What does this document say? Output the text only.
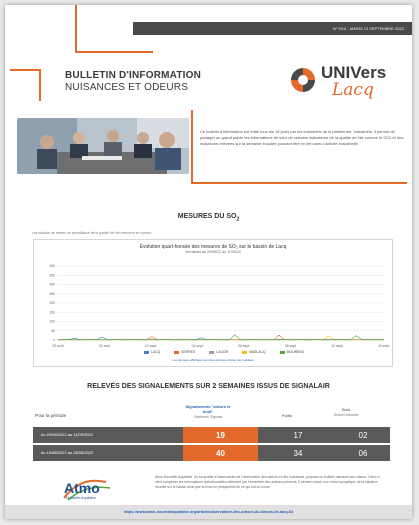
N° 0XX - MARDI 13 SEPTEMBRE 2022
BULLETIN D'INFORMATION
NUISANCES ET ODEURS
UNIVers
Lacq
Ce bulletin d'information est édité tous les 15 jours par les industriels de la plateforme. Industriels, il permet de partager au grand public les informations de suivi de certains indicateurs de la qualité de l'air comme le SO2 et des nuisances relevées sur la semaine écoulée pouvant être en lien avec l'activité industrielle.
MESURES DU $SO_2$
Les stations de réseau de surveillance de la qualité de l'air mesurent en continu
Évolution quart-horaire des mesures de SO₂ sur le bassin de Lacq
Semaines du 29/08/22 au 11/09/22
0
50
100
150
200
250
300
350
400
29 août	31 août	02 sept.	04 sept.	06 sept.	08 sept.	10 sept.	12 sept.
LACQ	SERRES	LAGOR	MASLACQ	MOURENX
Les données affichées sont des données brutes non validées
RELEVÉS DES SIGNALEMENTS SUR 2 SEMAINES ISSUS DE SIGNALAIR
Pour la période
Signalements "odeurs et bruit"
Plateforme Signalair	Public
Bruit
Décibel industriel
du 29/08/2022 au 11/09/2022	19	17	02
du 15/08/2022 au 28/08/2022	40	34	06
Atmo
Nouvelle-Aquitaine
Atmo Nouvelle-Aquitaine, en sa qualité d'observatoire de l'observation des odeurs et des nuisances, propose un bulletin mensuel des odeurs. Celui-ci vient compléter les informations opérationnelles délivrées par l'ensemble des acteurs présents. Il permet d'avoir une vision synoptique de la situation récente sur le bassin ainsi que la mise en perspective de ce qui est en cours.
https://www.atmo-nouvelleaquitaine.org/article/observatoire-des-odeurs-du-bassin-de-lacq-64
